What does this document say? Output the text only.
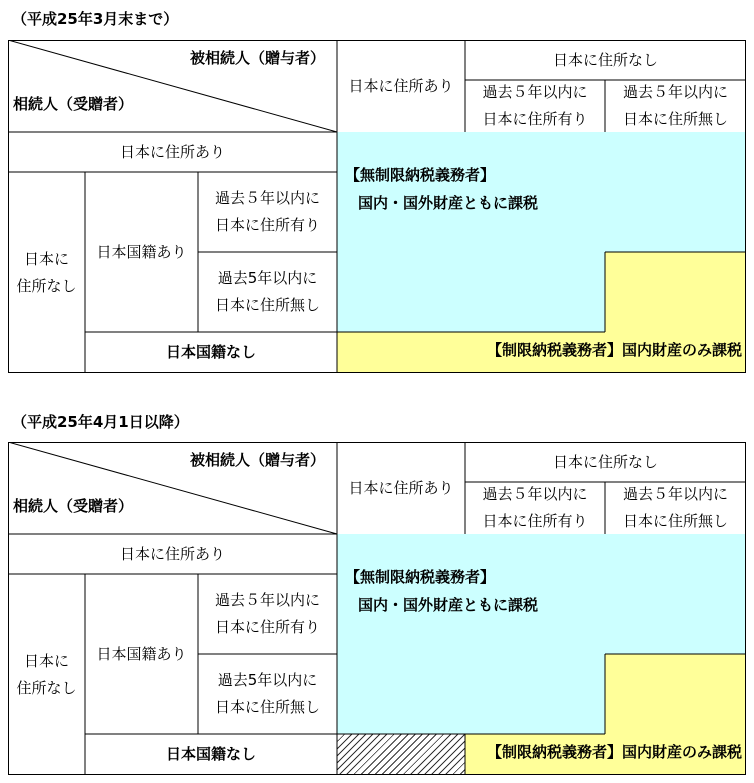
（平成25年3月末まで）
被相続人（贈与者）
相続人（受贈者）
日本に住所あり
日本に住所なし
過去５年以内に
日本に住所有り
過去５年以内に
日本に住所無し
日本に住所あり
日本に
住所なし
日本国籍あり
過去５年以内に
日本に住所有り
過去5年以内に
日本に住所無し
日本国籍なし
【無制限納税義務者】
国内・国外財産ともに課税
【制限納税義務者】国内財産のみ課税
（平成25年4月1日以降）
被相続人（贈与者）
相続人（受贈者）
日本に住所あり
日本に住所なし
過去５年以内に
日本に住所有り
過去５年以内に
日本に住所無し
日本に住所あり
日本に
住所なし
日本国籍あり
過去５年以内に
日本に住所有り
過去5年以内に
日本に住所無し
日本国籍なし
【無制限納税義務者】
国内・国外財産ともに課税
【制限納税義務者】国内財産のみ課税
